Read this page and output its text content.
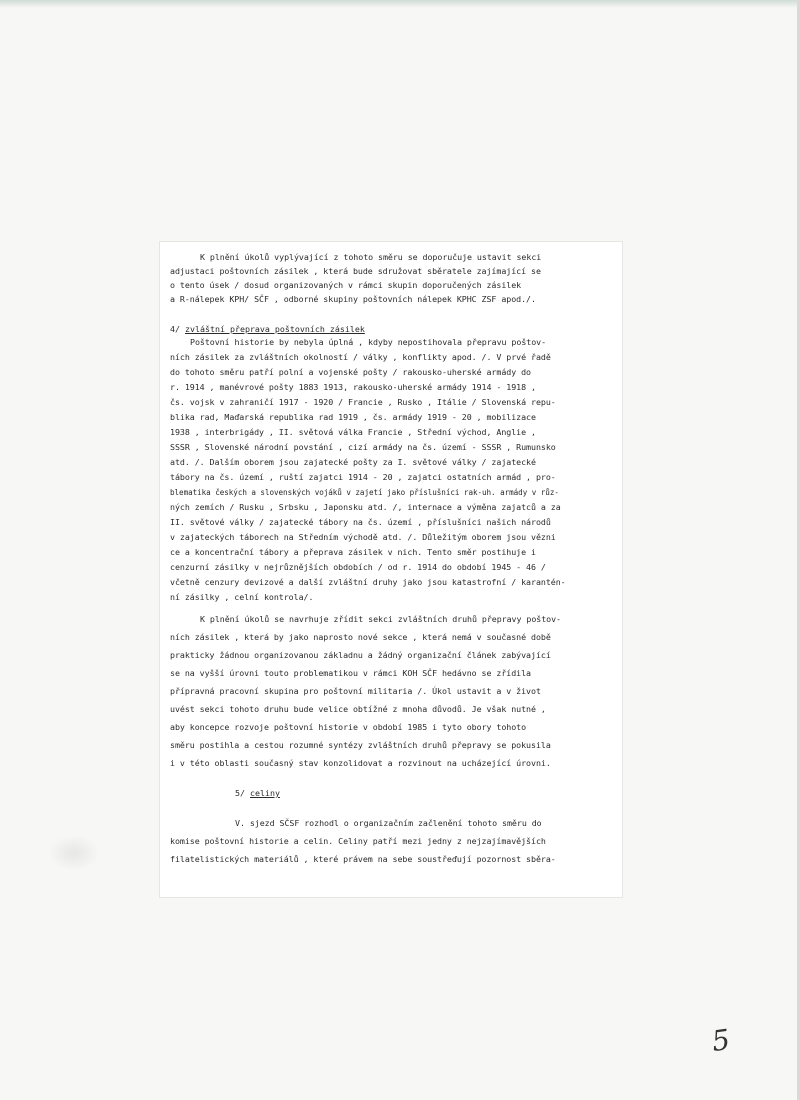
K plnění úkolů vyplývající z tohoto směru se doporučuje ustavit sekci
adjustaci poštovních zásilek , která bude sdružovat sběratele zajímající se
o tento úsek / dosud organizovaných v rámci skupin doporučených zásilek
a R-nálepek KPH/ SČF , odborné skupiny poštovních nálepek KPHC ZSF apod./.
4/ zvláštní přeprava poštovních zásilek
Poštovní historie by nebyla úplná , kdyby nepostihovala přepravu poštov-
ních zásilek za zvláštních okolností / války , konflikty apod. /. V prvé řadě
do tohoto směru patří polní a vojenské pošty / rakousko-uherské armády do
r. 1914 , manévrové pošty 1883 1913, rakousko-uherské armády 1914 - 1918 ,
čs. vojsk v zahraničí 1917 - 1920 / Francie , Rusko , Itálie / Slovenská repu-
blika rad, Maďarská republika rad 1919 , čs. armády 1919 - 20 , mobilizace
1938 , interbrigády , II. světová válka Francie , Střední východ, Anglie ,
SSSR , Slovenské národní povstání , cizí armády na čs. území - SSSR , Rumunsko
atd. /. Dalším oborem jsou zajatecké pošty za I. světové války / zajatecké
tábory na čs. území , ruští zajatci 1914 - 20 , zajatci ostatních armád , pro-
blematika českých a slovenských vojáků v zajetí jako příslušníci rak-uh. armády v růz-
ných zemích / Rusku , Srbsku , Japonsku atd. /, internace a výměna zajatců a za
II. světové války / zajatecké tábory na čs. území , příslušníci našich národů
v zajateckých táborech na Středním východě atd. /. Důležitým oborem jsou vězni
ce a koncentrační tábory a přeprava zásilek v nich. Tento směr postihuje i
cenzurní zásilky v nejrůznějších obdobích / od r. 1914 do období 1945 - 46 /
včetně cenzury devizové a další zvláštní druhy jako jsou katastrofní / karantén-
ní zásilky , celní kontrola/.
K plnění úkolů se navrhuje zřídit sekci zvláštních druhů přepravy poštov-
ních zásilek , která by jako naprosto nové sekce , která nemá v současné době
prakticky žádnou organizovanou základnu a žádný organizační článek zabývající
se na vyšší úrovni touto problematikou v rámci KOH SČF hedávno se zřídila
přípravná pracovní skupina pro poštovní militaria /. Úkol ustavit a v život
uvést sekci tohoto druhu bude velice obtížné z mnoha důvodů. Je však nutné ,
aby koncepce rozvoje poštovní historie v období 1985 i tyto obory tohoto
směru postihla a cestou rozumné syntézy zvláštních druhů přepravy se pokusila
i v této oblasti současný stav konzolidovat a rozvinout na ucházející úrovni.
5/ celiny
V. sjezd SČSF rozhodl o organizačním začlenění tohoto směru do
komise poštovní historie a celin. Celiny patří mezi jedny z nejzajímavějších
filatelistických materiálů , které právem na sebe soustřeďují pozornost sběra-
5
